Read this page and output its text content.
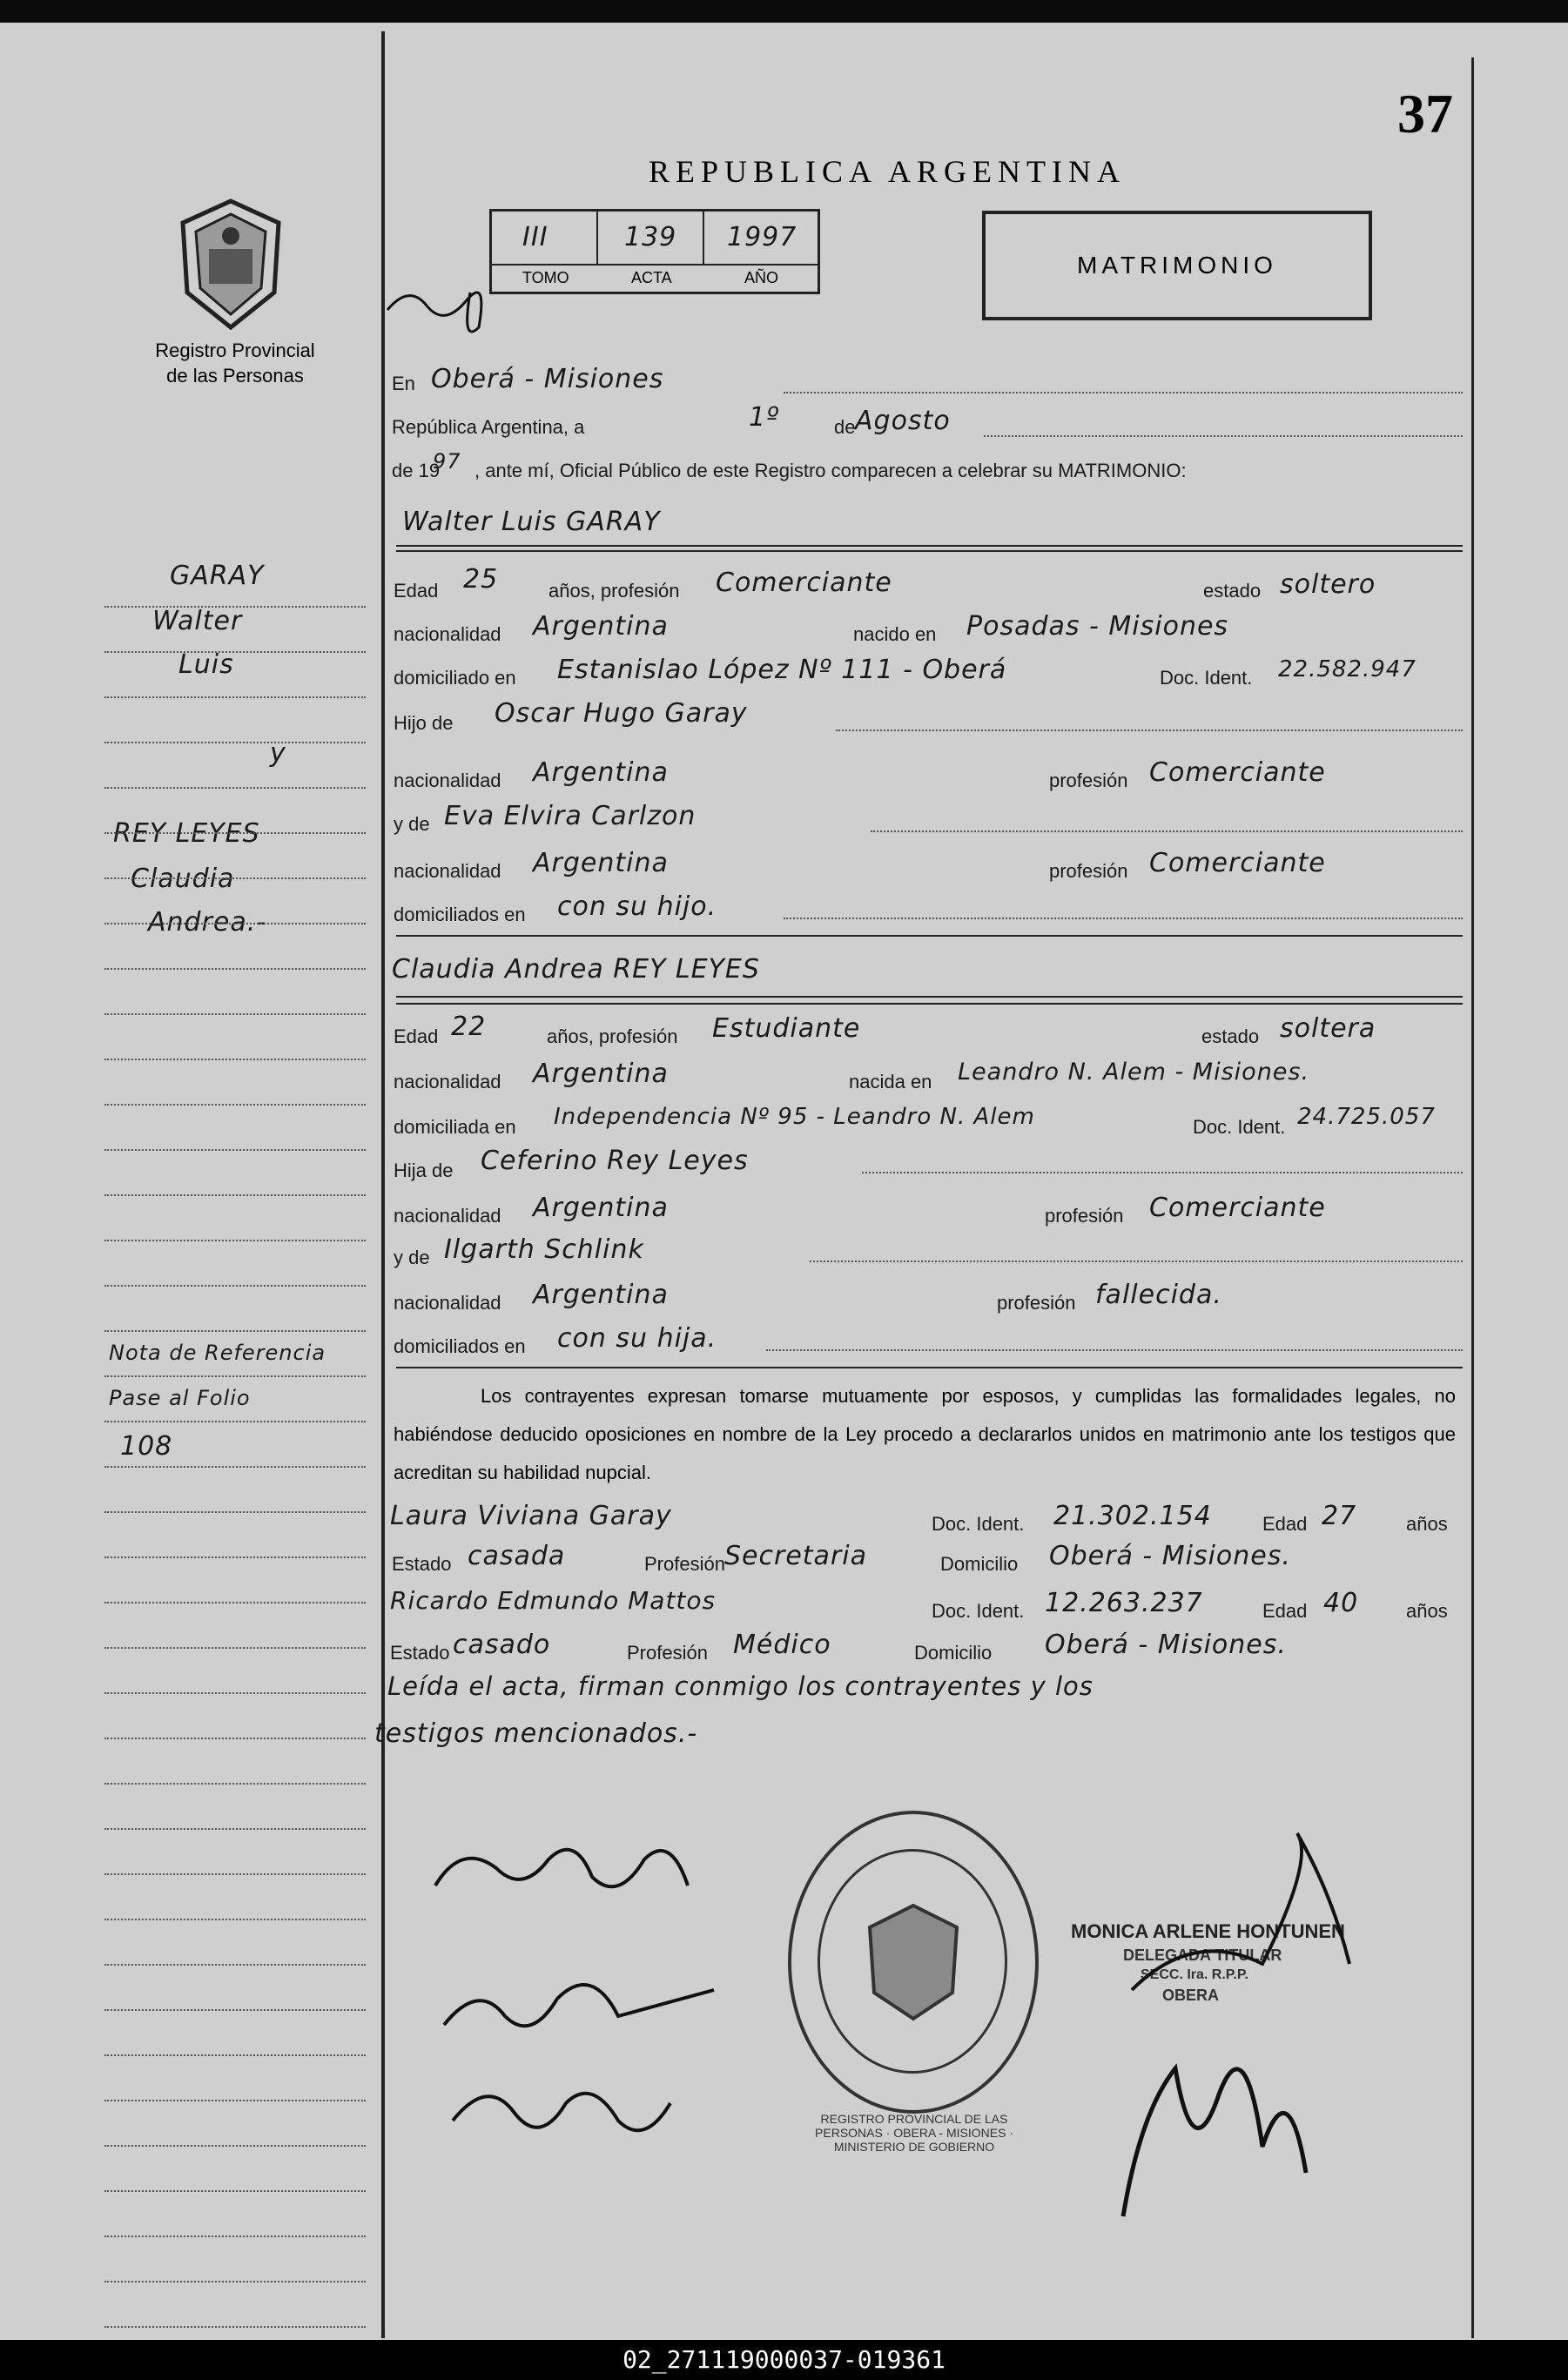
37
REPUBLICA ARGENTINA
Registro Provincial
de las Personas
III	139 1997
TOMO	ACTA	AÑO	MATRIMONIO
En Oberá - Misiones
República Argentina, a	1º	de Agosto
de 19
97 , ante mí, Oficial Público de este Registro comparecen a celebrar su MATRIMONIO:
Walter Luis GARAY
Edad 25	años, profesión Comerciante	estado soltero
nacionalidad Argentina	nacido en Posadas - Misiones
domiciliado en Estanislao López Nº 111 - Oberá	Doc. Ident. 22.582.947
Hijo de Oscar Hugo Garay
nacionalidad Argentina	profesión Comerciante
y de Eva Elvira Carlzon
nacionalidad Argentina	profesión Comerciante
domiciliados en con su hijo.
Claudia Andrea REY LEYES
Edad 22	años, profesión Estudiante	estado soltera
nacionalidad Argentina	nacida en Leandro N. Alem - Misiones.
domiciliada en Independencia Nº 95 - Leandro N. Alem	Doc. Ident. 24.725.057
Hija de Ceferino Rey Leyes
nacionalidad Argentina	profesión Comerciante
y de Ilgarth Schlink
nacionalidad Argentina	profesión fallecida.
domiciliados en con su hija.
Los contrayentes expresan tomarse mutuamente por esposos, y cumplidas las formalidades legales, no habiéndose deducido oposiciones en nombre de la Ley procedo a declararlos unidos en matrimonio ante los testigos que acreditan su habilidad nupcial.
Laura Viviana Garay	Doc. Ident. 21.302.154	Edad 27	años
Estado casada	Profesión Secretaria	Domicilio Oberá - Misiones.
Ricardo Edmundo Mattos	Doc. Ident. 12.263.237	Edad 40 años
Estado casado	Profesión Médico	Domicilio Oberá - Misiones.
Leída el acta, firman conmigo los contrayentes y los
testigos mencionados.-
REGISTRO PROVINCIAL DE LAS PERSONAS · OBERA - MISIONES · MINISTERIO DE GOBIERNO
MONICA ARLENE HONTUNEN
DELEGADA TITULAR
SECC. Ira. R.P.P.
OBERA
GARAY
Walter
Luis
y
REY LEYES
Claudia
Andrea.-
Nota de Referencia
Pase al Folio
108
02_271119000037-019361
